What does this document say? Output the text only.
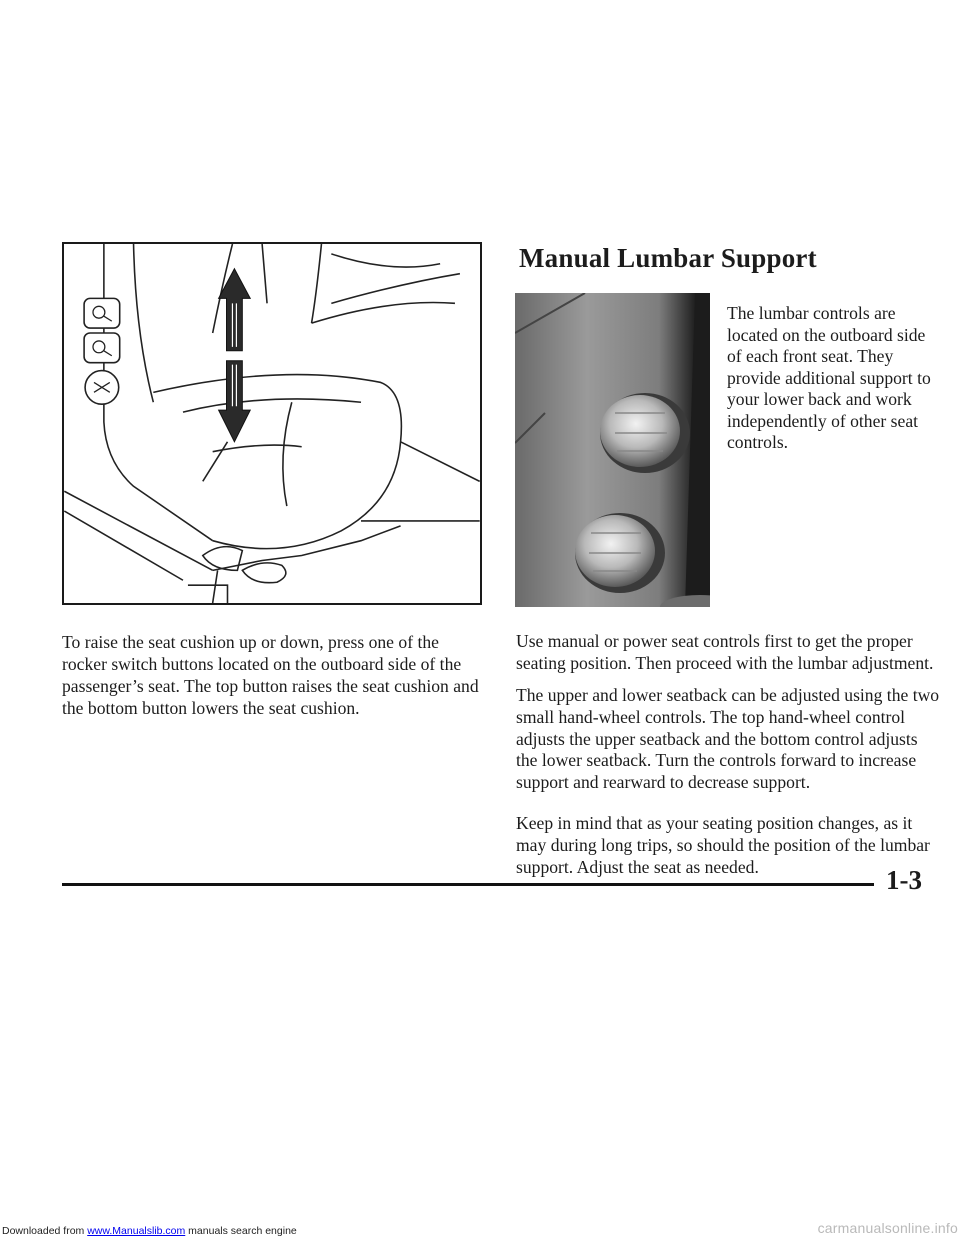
To raise the seat cushion up or down, press one of the rocker switch buttons located on the outboard side of the passenger’s seat. The top button raises the seat cushion and the bottom button lowers the seat cushion.

Manual Lumbar Support

The lumbar controls are located on the outboard side of each front seat. They provide additional support to your lower back and work independently of other seat controls.

Use manual or power seat controls first to get the proper seating position. Then proceed with the lumbar adjustment.

The upper and lower seatback can be adjusted using the two small hand-wheel controls. The top hand-wheel control adjusts the upper seatback and the bottom control adjusts the lower seatback. Turn the controls forward to increase support and rearward to decrease support.

Keep in mind that as your seating position changes, as it may during long trips, so should the position of the lumbar support. Adjust the seat as needed.	1-3
Downloaded from www.Manualslib.com manuals search engine	carmanualsonline.info
